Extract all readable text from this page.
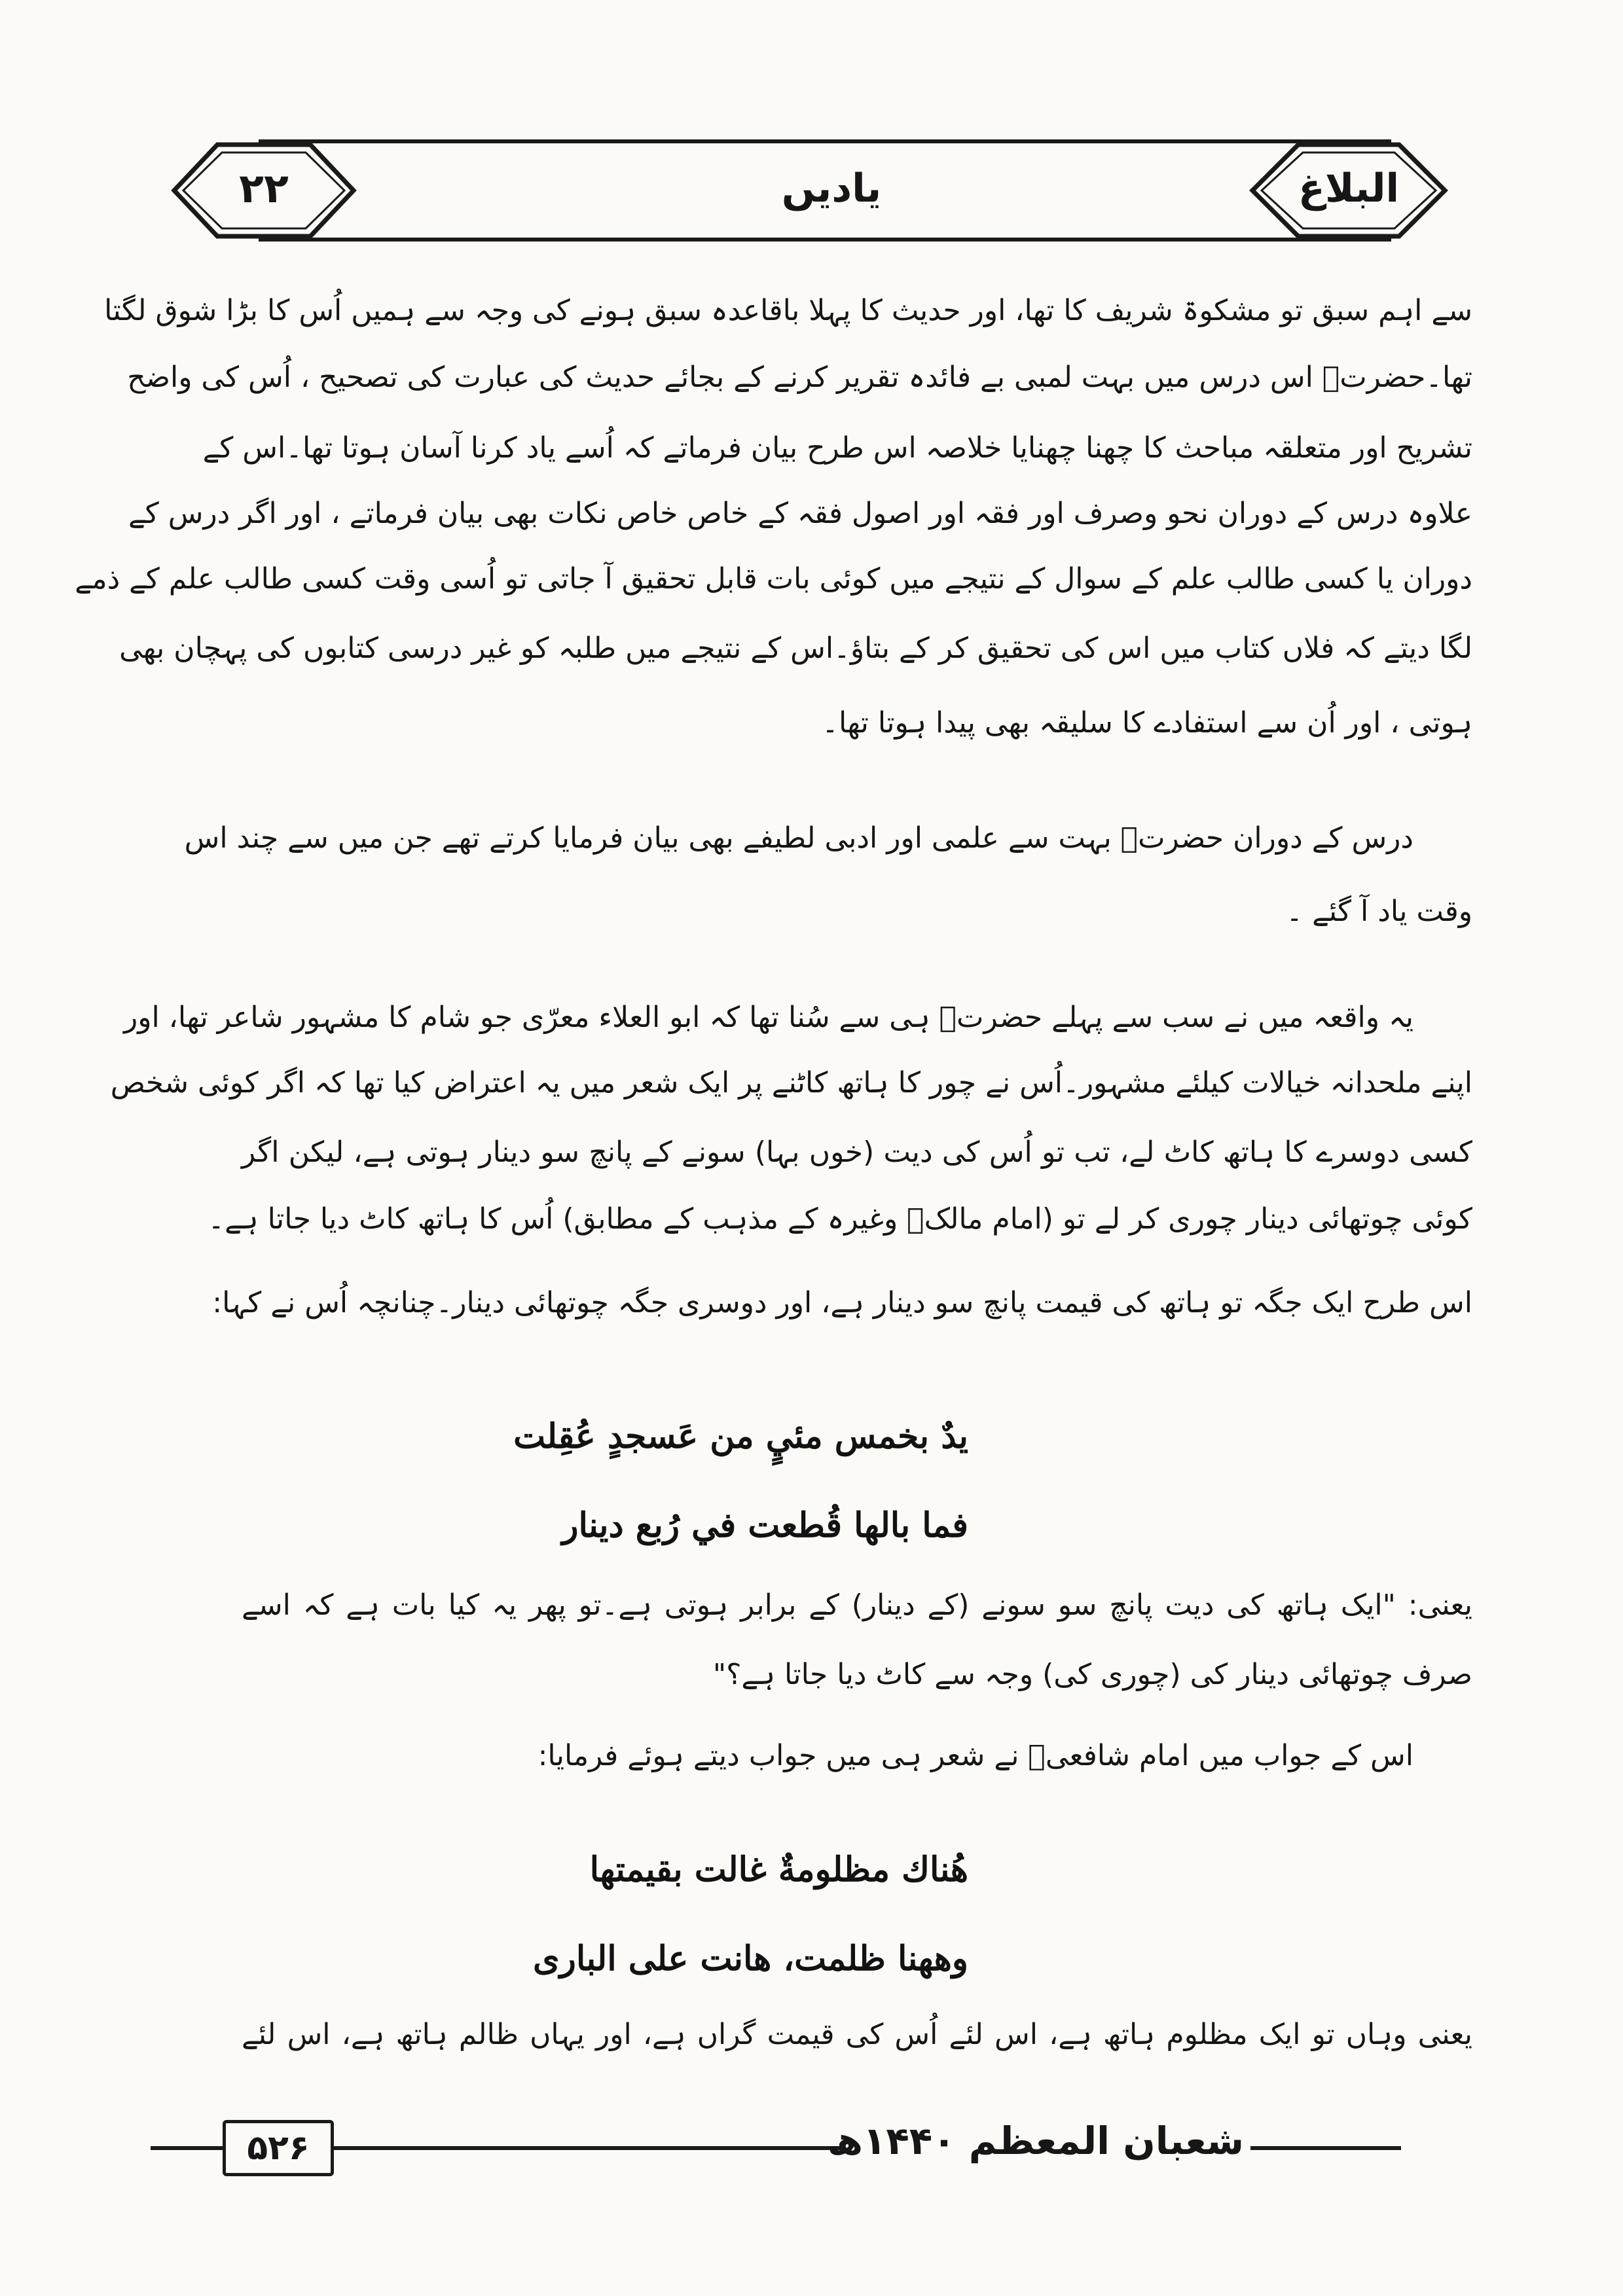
۲۲	یادیں	البلاغ
سے اہم سبق تو مشکوۃ شریف کا تھا، اور حدیث کا پہلا باقاعدہ سبق ہونے کی وجہ سے ہمیں اُس کا بڑا شوق لگتا
تھا۔حضرتؒ اس درس میں بہت لمبی بے فائدہ تقریر کرنے کے بجائے حدیث کی عبارت کی تصحیح ، اُس کی واضح
تشریح اور متعلقہ مباحث کا چھنا چھنایا خلاصہ اس طرح بیان فرماتے کہ اُسے یاد کرنا آسان ہوتا تھا۔اس کے
علاوہ درس کے دوران نحو وصرف اور فقہ اور اصول فقہ کے خاص خاص نکات بھی بیان فرماتے ، اور اگر درس کے
دوران یا کسی طالب علم کے سوال کے نتیجے میں کوئی بات قابل تحقیق آ جاتی تو اُسی وقت کسی طالب علم کے ذمے
لگا دیتے کہ فلاں کتاب میں اس کی تحقیق کر کے بتاؤ۔اس کے نتیجے میں طلبہ کو غیر درسی کتابوں کی پہچان بھی
ہوتی ، اور اُن سے استفادے کا سلیقہ بھی پیدا ہوتا تھا۔
درس کے دوران حضرتؒ بہت سے علمی اور ادبی لطیفے بھی بیان فرمایا کرتے تھے جن میں سے چند اس
وقت یاد آ گئے ۔
یہ واقعہ میں نے سب سے پہلے حضرتؒ ہی سے سُنا تھا کہ ابو العلاء معرّی جو شام کا مشہور شاعر تھا، اور
اپنے ملحدانہ خیالات کیلئے مشہور۔اُس نے چور کا ہاتھ کاٹنے پر ایک شعر میں یہ اعتراض کیا تھا کہ اگر کوئی شخص
کسی دوسرے کا ہاتھ کاٹ لے، تب تو اُس کی دیت (خوں بہا) سونے کے پانچ سو دینار ہوتی ہے، لیکن اگر
کوئی چوتھائی دینار چوری کر لے تو (امام مالکؒ وغیرہ کے مذہب کے مطابق) اُس کا ہاتھ کاٹ دیا جاتا ہے۔
اس طرح ایک جگہ تو ہاتھ کی قیمت پانچ سو دینار ہے، اور دوسری جگہ چوتھائی دینار۔چنانچہ اُس نے کہا:
يدٌ بخمس مئيٍ من عَسجدٍ عُقِلت
فما بالها قُطعت في رُبع دينار
یعنی: "ایک ہاتھ کی دیت پانچ سو سونے (کے دینار) کے برابر ہوتی ہے۔تو پھر یہ کیا بات ہے کہ اسے
صرف چوتھائی دینار کی (چوری کی) وجہ سے کاٹ دیا جاتا ہے؟"
اس کے جواب میں امام شافعیؒ نے شعر ہی میں جواب دیتے ہوئے فرمایا:
هُناك مظلومةٌ غالت بقيمتها
وههنا ظلمت، هانت على البارى
یعنی وہاں تو ایک مظلوم ہاتھ ہے، اس لئے اُس کی قیمت گراں ہے، اور یہاں ظالم ہاتھ ہے، اس لئے
۵۲۶	شعبان المعظم ۱۴۴۰ھ
